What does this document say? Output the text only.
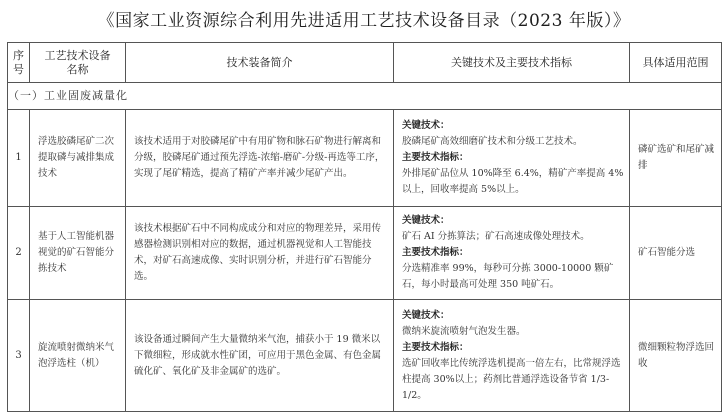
《国家工业资源综合利用先进适用工艺技术设备目录（2023 年版）》
序号	工艺技术设备名称	技术装备简介	关键技术及主要技术指标	具体适用范围
（一）工业固废减量化				
1	浮选胶磷尾矿二次提取磷与减排集成技术	该技术适用于对胶磷尾矿中有用矿物和脉石矿物进行解离和分级，胶磷尾矿通过预先浮选-浓缩-磨矿-分级-再选等工序，实现了尾矿精选，提高了精矿产率并减少尾矿产出。	关键技术：
胶磷尾矿高效细磨矿技术和分级工艺技术。
主要技术指标：
外排尾矿品位从 10%降至 6.4%，精矿产率提高 4%以上，回收率提高 5%以上。	磷矿选矿和尾矿减排

2	基于人工智能机器视觉的矿石智能分拣技术	该技术根据矿石中不同构成成分和对应的物理差异，采用传感器检测识别相对应的数据，通过机器视觉和人工智能技术，对矿石高速成像、实时识别分析，并进行矿石智能分选。	关键技术：
矿石 AI 分拣算法；矿石高速成像处理技术。
主要技术指标：
分选精准率 99%，每秒可分拣 3000-10000 颗矿石，每小时最高可处理 350 吨矿石。	矿石智能分选

3	旋流喷射微纳米气泡浮选柱（机）	该设备通过瞬间产生大量微纳米气泡，捕获小于 19 微米以下微细粒，形成就水性矿团，可应用于黑色金属、有色金属硫化矿、氧化矿及非金属矿的选矿。	关键技术：
微纳米旋流喷射气泡发生器。
主要技术指标：
选矿回收率比传统浮选机提高一倍左右，比常规浮选柱提高 30%以上；药剂比普通浮选设备节省 1/3-1/2。	微细颗粒物浮选回收
